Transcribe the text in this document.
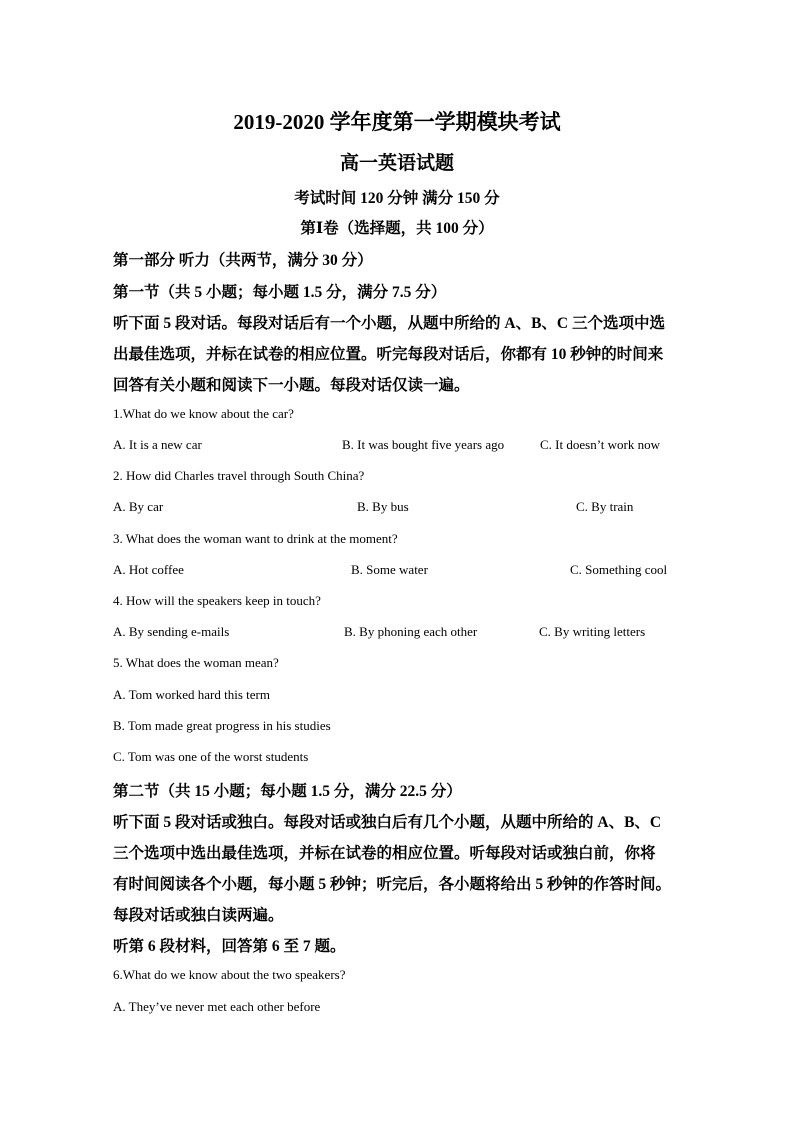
2019-2020 学年度第一学期模块考试
高一英语试题
考试时间 120 分钟 满分 150 分
第Ⅰ卷（选择题，共 100 分）
第一部分 听力（共两节，满分 30 分）
第一节（共 5 小题；每小题 1.5 分，满分 7.5 分）
听下面 5 段对话。每段对话后有一个小题，从题中所给的 A、B、C 三个选项中选
出最佳选项，并标在试卷的相应位置。听完每段对话后，你都有 10 秒钟的时间来
回答有关小题和阅读下一小题。每段对话仅读一遍。
1.What do we know about the car?
A. It is a new car	B. It was bought five years ago	C. It doesn’t work now
2. How did Charles travel through South China?
A. By car	B. By bus	C. By train
3. What does the woman want to drink at the moment?
A. Hot coffee	B. Some water	C. Something cool
4. How will the speakers keep in touch?
A. By sending e-mails	B. By phoning each other	C. By writing letters
5. What does the woman mean?
A. Tom worked hard this term
B. Tom made great progress in his studies
C. Tom was one of the worst students
第二节（共 15 小题；每小题 1.5 分，满分 22.5 分）
听下面 5 段对话或独白。每段对话或独白后有几个小题，从题中所给的 A、B、C
三个选项中选出最佳选项，并标在试卷的相应位置。听每段对话或独白前，你将
有时间阅读各个小题，每小题 5 秒钟；听完后，各小题将给出 5 秒钟的作答时间。
每段对话或独白读两遍。
听第 6 段材料，回答第 6 至 7 题。
6.What do we know about the two speakers?
A. They’ve never met each other before
